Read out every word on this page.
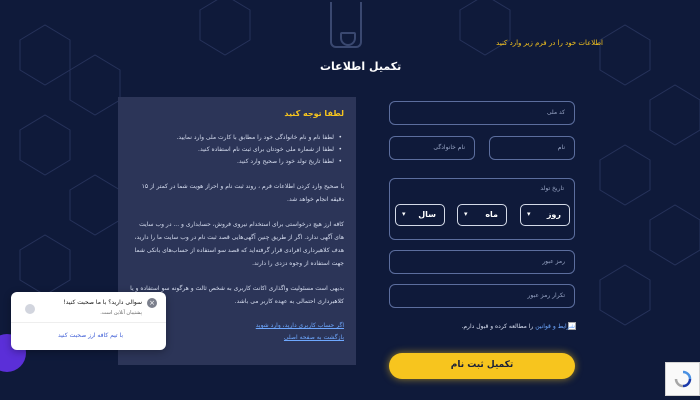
اطلاعات خود را در فرم زیر وارد کنید
تکمیل اطلاعات
لطفا توجه کنید
• لطفا نام و نام خانوادگی خود را مطابق با کارت ملی وارد نمایید.
• لطفا از شماره ملی خودتان برای ثبت نام استفاده کنید.
• لطفا تاریخ تولد خود را صحیح وارد کنید.

با صحیح وارد کردن اطلاعات فرم ، روند ثبت نام و احراز هویت شما در کمتر از ۱۵ دقیقه انجام خواهد شد.

کافه ارز هیچ درخواستی برای استخدام نیروی فروش، حسابداری و ... در وب سایت های آگهی ندارد. اگر از طریق چنین آگهی‌هایی قصد ثبت نام در وب سایت ما را دارید، هدف کلاهبرداری افرادی قرار گرفته‌اید که قصد سو استفاده از حساب‌های بانکی شما جهت استفاده از وجوه دزدی را دارند.

بدیهی است مسئولیت واگذاری اکانت کاربری به شخص ثالث و هرگونه سو استفاده و یا کلاهبرداری احتمالی به عهده کاربر می باشد.

اگر حساب کاربری دارید، وارد شوید
بازگشت به صفحه اصلی
کد ملی
نام
نام خانوادگی
تاریخ تولد
روز
▾
ماه
▾
سال
▾
رمز عبور
تکرار رمز عبور
شرایط و قوانین را مطالعه کرده و قبول دارم.
تکمیل ثبت نام
×
سوالی دارید؟ با ما صحبت کنید!
پشتیبان آنلاین است.
با تیم کافه ارز صحبت کنید
